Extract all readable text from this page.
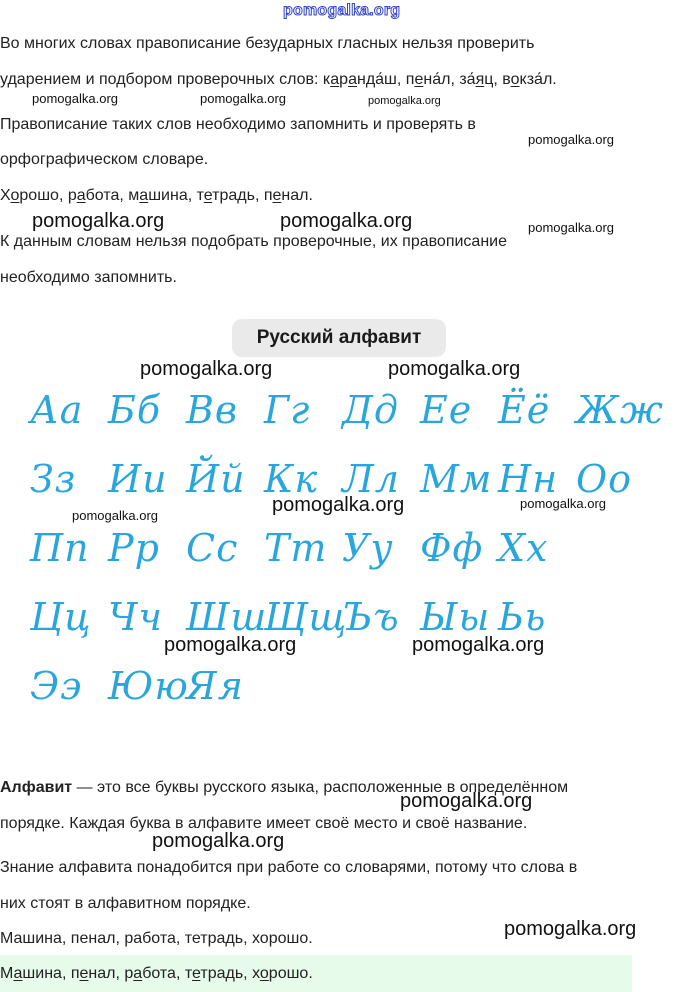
pomogalka.org
Во многих словах правописание безударных гласных нельзя проверить
ударением и подбором проверочных слов: каранда́ш, пена́л, за́яц, вокза́л.
pomogalka.org	pomogalka.org	pomogalka.org
Правописание таких слов необходимо запомнить и проверять в
pomogalka.org
орфографическом словаре.
Хорошо, работа, машина, тетрадь, пенал.
pomogalka.org	pomogalka.org	pomogalka.org
К данным словам нельзя подобрать проверочные, их правописание
необходимо запомнить.
Русский алфавит
Аа Бб Вв Гг Дд Ее Ёё Жж
Зз Ии Йй Кк Лл Мм Нн Оо
Пп Рр Сс Тт Уу Фф Хх
Цц Чч Шш
Щщ
Ъъ Ыы Ьь
Ээ Юю
Яя
pomogalka.org	pomogalka.org
pomogalka.org	pomogalka.org	pomogalka.org
pomogalka.org	pomogalka.org
Алфавит — это все буквы русского языка, расположенные в определённом
pomogalka.org
порядке. Каждая буква в алфавите имеет своё место и своё название.
pomogalka.org
Знание алфавита понадобится при работе со словарями, потому что слова в
них стоят в алфавитном порядке.
Машина, пенал, работа, тетрадь, хорошо.	pomogalka.org
Машина, пенал, работа, тетрадь, хорошо.
